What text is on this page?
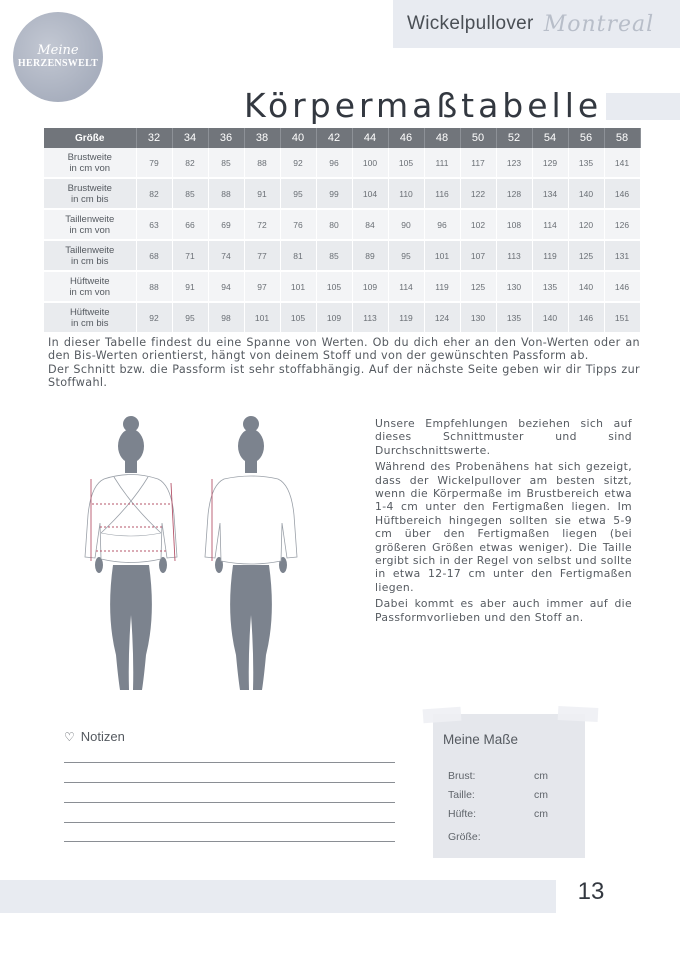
Meine
HERZENSWELT
Wickelpullover Montreal
Körpermaßtabelle
Größe	32	34	36	38	40	42	44	46	48	50	52	54	56	58
Brustweite
in cm von	79	82	85	88	92	96	100	105	111	117	123	129	135	141
Brustweite
in cm bis	82	85	88	91	95	99	104	110	116	122	128	134	140	146
Taillenweite
in cm von	63	66	69	72	76	80	84	90	96	102	108	114	120	126
Taillenweite
in cm bis	68	71	74	77	81	85	89	95	101	107	113	119	125	131
Hüftweite
in cm von	88	91	94	97	101	105	109	114	119	125	130	135	140	146
Hüftweite
in cm bis	92	95	98	101	105	109	113	119	124	130	135	140	146	151

In dieser Tabelle findest du eine Spanne von Werten. Ob du dich eher an den Von-Werten oder an den Bis-Werten orientierst, hängt von deinem Stoff und von der gewünschten Passform ab.

Der Schnitt bzw. die Passform ist sehr stoffabhängig. Auf der nächste Seite geben wir dir Tipps zur Stoffwahl.

Unsere Empfehlungen beziehen sich auf dieses Schnittmuster und sind Durchschnittswerte.

Während des Probenähens hat sich gezeigt, dass der Wickelpullover am besten sitzt, wenn die Körpermaße im Brustbereich etwa 1-4 cm unter den Fertigmaßen liegen. Im Hüftbereich hingegen sollten sie etwa 5-9 cm über den Fertigmaßen liegen (bei größeren Größen etwas weniger). Die Taille ergibt sich in der Regel von selbst und sollte in etwa 12-17 cm unter den Fertigmaßen liegen.

Dabei kommt es aber auch immer auf die Passformvorlieben und den Stoff an.

♡ Notizen	Meine Maße
Brust:	cm
Taille:	cm
Hüfte:	cm
Größe:
13
